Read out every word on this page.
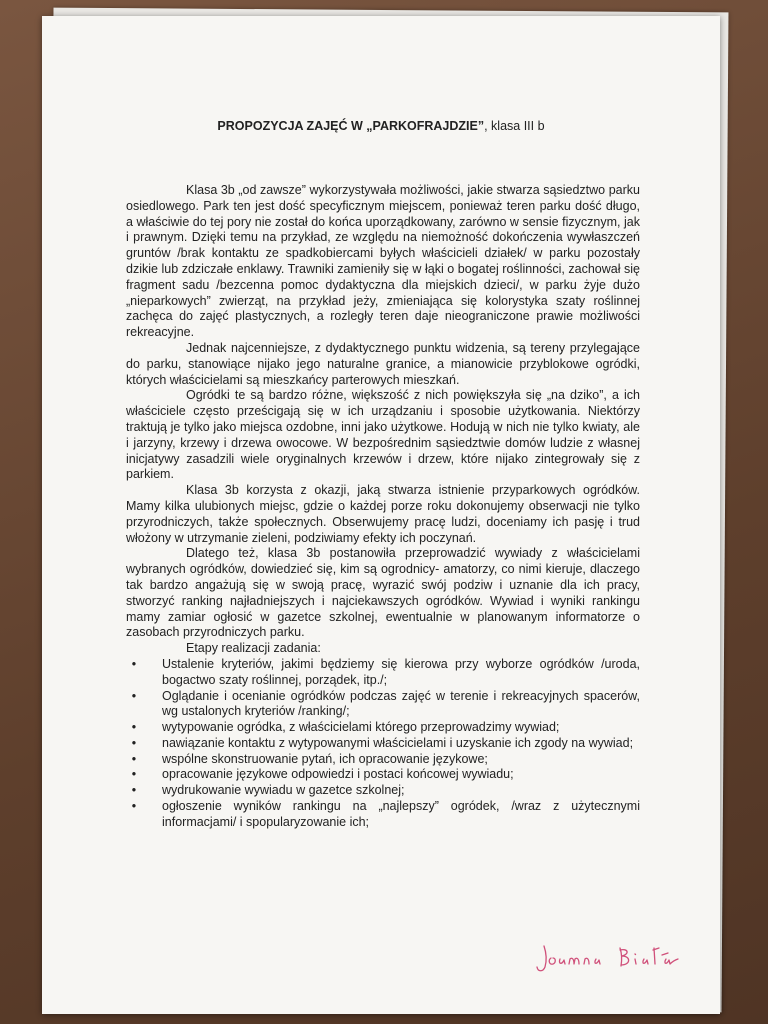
PROPOZYCJA ZAJĘĆ W „PARKOFRAJDZIE”, klasa III b

Klasa 3b „od zawsze” wykorzystywała możliwości, jakie stwarza sąsiedztwo parku osiedlowego. Park ten jest dość specyficznym miejscem, ponieważ teren parku dość długo, a właściwie do tej pory nie został do końca uporządkowany, zarówno w sensie fizycznym, jak i prawnym. Dzięki temu na przykład, ze względu na niemożność dokończenia wywłaszczeń gruntów /brak kontaktu ze spadkobiercami byłych właścicieli działek/ w parku pozostały dzikie lub zdziczałe enklawy. Trawniki zamieniły się w łąki o bogatej roślinności, zachował się fragment sadu /bezcenna pomoc dydaktyczna dla miejskich dzieci/, w parku żyje dużo „nieparkowych” zwierząt, na przykład jeży, zmieniająca się kolorystyka szaty roślinnej zachęca do zajęć plastycznych, a rozległy teren daje nieograniczone prawie możliwości rekreacyjne.

Jednak najcenniejsze, z dydaktycznego punktu widzenia, są tereny przylegające do parku, stanowiące nijako jego naturalne granice, a mianowicie przyblokowe ogródki, których właścicielami są mieszkańcy parterowych mieszkań.

Ogródki te są bardzo różne, większość z nich powiększyła się „na dziko”, a ich właściciele często prześcigają się w ich urządzaniu i sposobie użytkowania. Niektórzy traktują je tylko jako miejsca ozdobne, inni jako użytkowe. Hodują w nich nie tylko kwiaty, ale i jarzyny, krzewy i drzewa owocowe. W bezpośrednim sąsiedztwie domów ludzie z własnej inicjatywy zasadzili wiele oryginalnych krzewów i drzew, które nijako zintegrowały się z parkiem.

Klasa 3b korzysta z okazji, jaką stwarza istnienie przyparkowych ogródków. Mamy kilka ulubionych miejsc, gdzie o każdej porze roku dokonujemy obserwacji nie tylko przyrodniczych, także społecznych. Obserwujemy pracę ludzi, doceniamy ich pasję i trud włożony w utrzymanie zieleni, podziwiamy efekty ich poczynań.

Dlatego też, klasa 3b postanowiła przeprowadzić wywiady z właścicielami wybranych ogródków, dowiedzieć się, kim są ogrodnicy- amatorzy, co nimi kieruje, dlaczego tak bardzo angażują się w swoją pracę, wyrazić swój podziw i uznanie dla ich pracy, stworzyć ranking najładniejszych i najciekawszych ogródków. Wywiad i wyniki rankingu mamy zamiar ogłosić w gazetce szkolnej, ewentualnie w planowanym informatorze o zasobach przyrodniczych parku.

Etapy realizacji zadania:
•	Ustalenie kryteriów, jakimi będziemy się kierowa przy wyborze ogródków /uroda, bogactwo szaty roślinnej, porządek, itp./;
•	Oglądanie i ocenianie ogródków podczas zajęć w terenie i rekreacyjnych spacerów, wg ustalonych kryteriów /ranking/;
•	wytypowanie ogródka, z właścicielami którego przeprowadzimy wywiad;
•	nawiązanie kontaktu z wytypowanymi właścicielami i uzyskanie ich zgody na wywiad;
•	wspólne skonstruowanie pytań, ich opracowanie językowe;
•	opracowanie językowe odpowiedzi i postaci końcowej wywiadu;
•	wydrukowanie wywiadu w gazetce szkolnej;
•	ogłoszenie wyników rankingu na „najlepszy” ogródek, /wraz z użytecznymi informacjami/ i spopularyzowanie ich;
